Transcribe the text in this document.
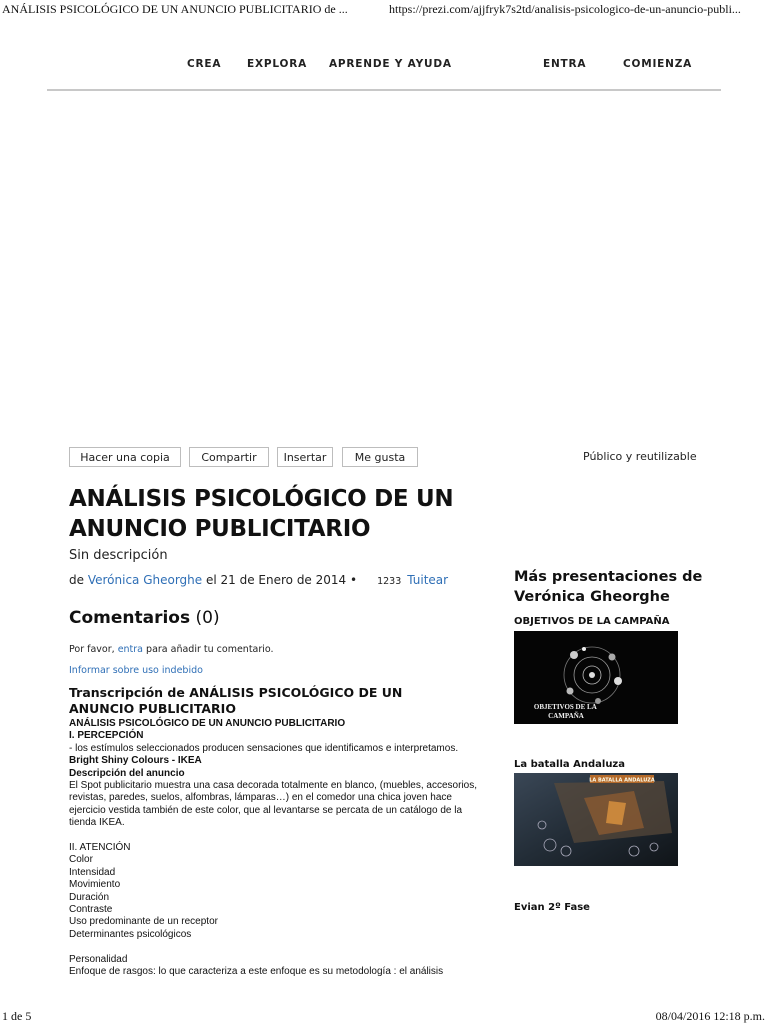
ANÁLISIS PSICOLÓGICO DE UN ANUNCIO PUBLICITARIO de ...	https://prezi.com/ajjfryk7s2td/analisis-psicologico-de-un-anuncio-publi...
CREA EXPLORA APRENDE Y AYUDA	ENTRA	COMIENZA
Hacer una copia	Compartir	Insertar	Me gusta	Público y reutilizable
ANÁLISIS PSICOLÓGICO DE UN ANUNCIO PUBLICITARIO
Sin descripción
de Verónica Gheorghe el 21 de Enero de 2014 • 1233 Tuitear
Comentarios (0)
Por favor, entra para añadir tu comentario.
Informar sobre uso indebido
Transcripción de ANÁLISIS PSICOLÓGICO DE UN ANUNCIO PUBLICITARIO

ANÁLISIS PSICOLÓGICO DE UN ANUNCIO PUBLICITARIO

I. PERCEPCIÓN

- los estímulos seleccionados producen sensaciones que identificamos e interpretamos.

Bright Shiny Colours - IKEA

Descripción del anuncio

El Spot publicitario muestra una casa decorada totalmente en blanco, (muebles, accesorios, revistas, paredes, suelos, alfombras, lámparas…) en el comedor una chica joven hace ejercicio vestida también de este color, que al levantarse se percata de un catálogo de la tienda IKEA.

II. ATENCIÓN

Color

Intensidad

Movimiento

Duración

Contraste

Uso predominante de un receptor

Determinantes psicológicos

Personalidad

Enfoque de rasgos: lo que caracteriza a este enfoque es su metodología : el análisis

Más presentaciones de Verónica Gheorghe
OBJETIVOS DE LA CAMPAÑA
OBJETIVOS DE LA CAMPAÑA
La batalla Andaluza
LA BATALLA ANDALUZA
Evian 2º Fase
1 de 5	08/04/2016 12:18 p.m.
